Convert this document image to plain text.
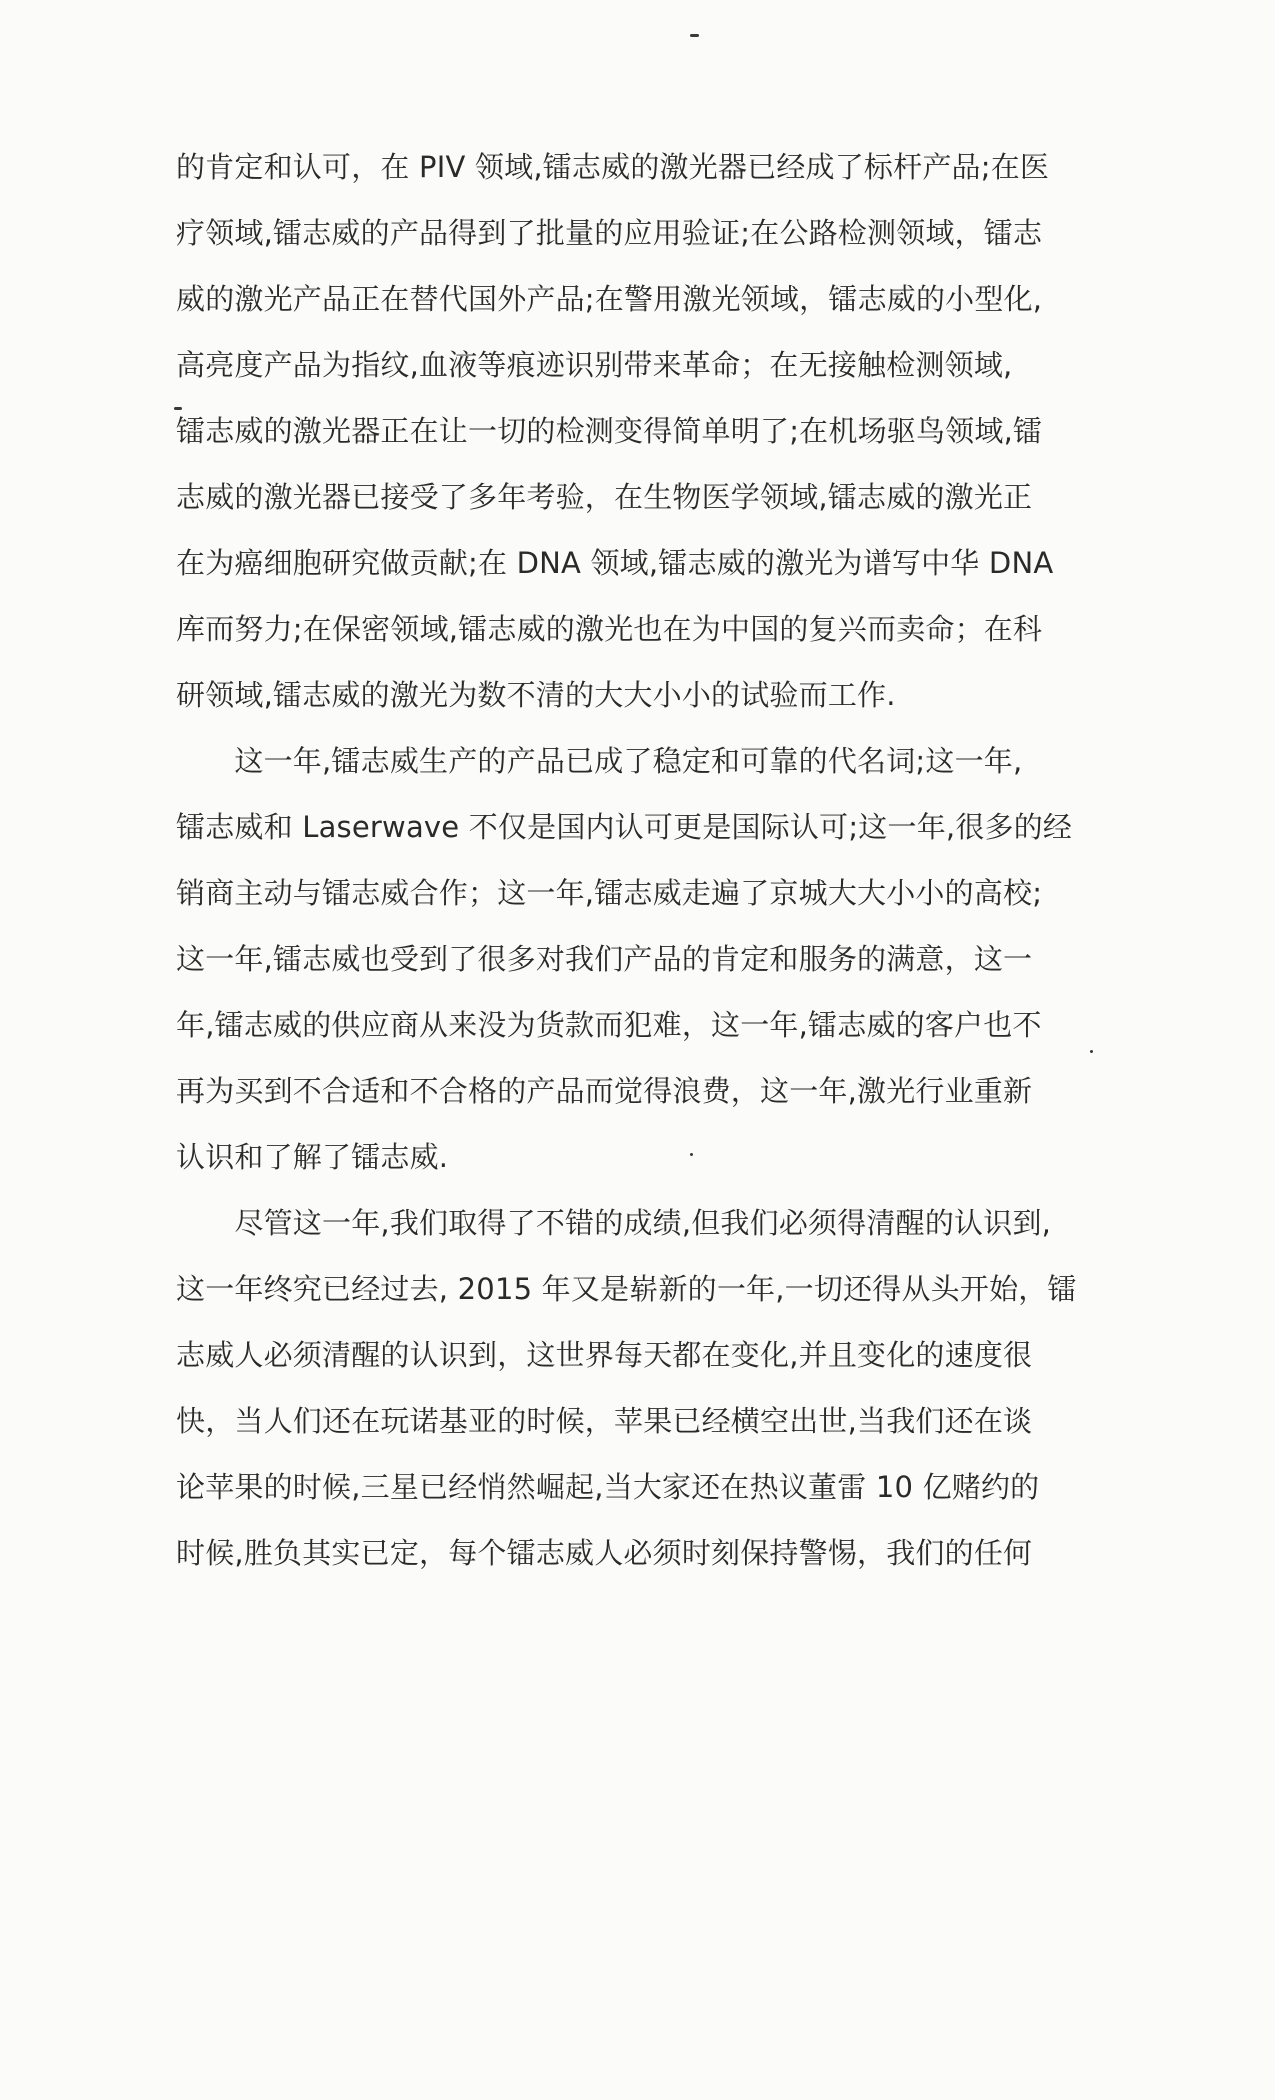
的肯定和认可，在 PIV 领域,镭志威的激光器已经成了标杆产品;在医
疗领域,镭志威的产品得到了批量的应用验证;在公路检测领域，镭志
威的激光产品正在替代国外产品;在警用激光领域，镭志威的小型化,
高亮度产品为指纹,血液等痕迹识别带来革命；在无接触检测领域,
镭志威的激光器正在让一切的检测变得简单明了;在机场驱鸟领域,镭
志威的激光器已接受了多年考验，在生物医学领域,镭志威的激光正
在为癌细胞研究做贡献;在 DNA 领域,镭志威的激光为谱写中华 DNA
库而努力;在保密领域,镭志威的激光也在为中国的复兴而卖命；在科
研领域,镭志威的激光为数不清的大大小小的试验而工作.
　　这一年,镭志威生产的产品已成了稳定和可靠的代名词;这一年,
镭志威和 Laserwave 不仅是国内认可更是国际认可;这一年,很多的经
销商主动与镭志威合作；这一年,镭志威走遍了京城大大小小的高校;
这一年,镭志威也受到了很多对我们产品的肯定和服务的满意，这一
年,镭志威的供应商从来没为货款而犯难，这一年,镭志威的客户也不
再为买到不合适和不合格的产品而觉得浪费，这一年,激光行业重新
认识和了解了镭志威.
　　尽管这一年,我们取得了不错的成绩,但我们必须得清醒的认识到,
这一年终究已经过去, 2015 年又是崭新的一年,一切还得从头开始，镭
志威人必须清醒的认识到，这世界每天都在变化,并且变化的速度很
快，当人们还在玩诺基亚的时候，苹果已经横空出世,当我们还在谈
论苹果的时候,三星已经悄然崛起,当大家还在热议董雷 10 亿赌约的
时候,胜负其实已定，每个镭志威人必须时刻保持警惕，我们的任何
